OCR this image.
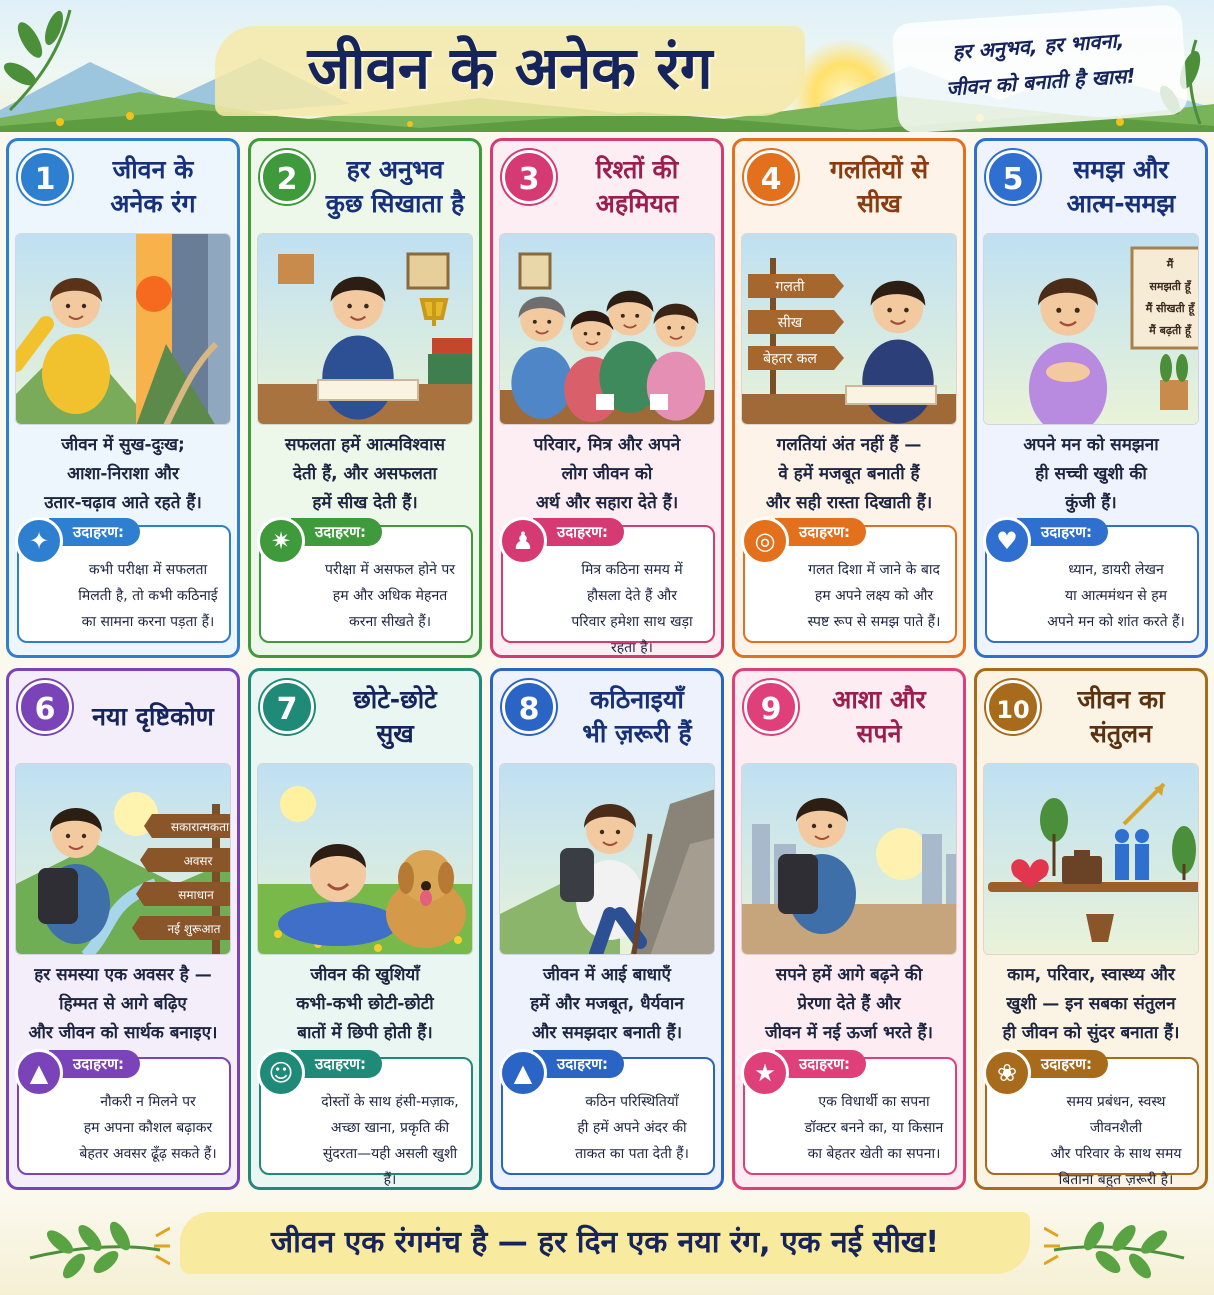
जीवन के अनेक रंग	हर अनुभव, हर भावना,
जीवन को बनाती है खास!
1	जीवन के
अनेक रंग
जीवन में सुख-दुःख;
आशा-निराशा और
उतार-चढ़ाव आते रहते हैं।
उदाहरण:
✦
कभी परीक्षा में सफलता
मिलती है, तो कभी कठिनाई
का सामना करना पड़ता हैं।
2	हर अनुभव
कुछ सिखाता है
सफलता हमें आत्मविश्वास
देती हैं, और असफलता
हमें सीख देती हैं।
उदाहरण:
✷
परीक्षा में असफल होने पर
हम और अधिक मेहनत
करना सीखते हैं।
3	रिश्तों की
अहमियत
परिवार, मित्र और अपने
लोग जीवन को
अर्थ और सहारा देते हैं।
उदाहरण:
♟
मित्र कठिना समय में
हौसला देते हैं और
परिवार हमेशा साथ खड़ा रहता है।
4	गलतियों से
सीख
गलती
सीख
बेहतर कल
गलतियां अंत नहीं हैं —
वे हमें मजबूत बनाती हैं
और सही रास्ता दिखाती हैं।
उदाहरण:
◎
गलत दिशा में जाने के बाद
हम अपने लक्ष्य को और
स्पष्ट रूप से समझ पाते हैं।
5	समझ और
आत्म-समझ
मैं
समझती हूँ
मैं सीखती हूँ
मैं बढ़ती हूँ
अपने मन को समझना
ही सच्ची खुशी की
कुंजी हैं।
उदाहरण:
♥
ध्यान, डायरी लेखन
या आत्ममंथन से हम
अपने मन को शांत करते हैं।
6	नया दृष्टिकोण
सकारात्मकता
अवसर
समाधान
नई शुरूआत
हर समस्या एक अवसर है —
हिम्मत से आगे बढ़िए
और जीवन को सार्थक बनाइए।
उदाहरण:
▲
नौकरी न मिलने पर
हम अपना कौशल बढ़ाकर
बेहतर अवसर ढूँढ़ सकते हैं।
7	छोटे-छोटे
सुख
जीवन की खुशियाँ
कभी-कभी छोटी-छोटी
बातों में छिपी होती हैं।
उदाहरण:
☺
दोस्तों के साथ हंसी-मज़ाक,
अच्छा खाना, प्रकृति की
सुंदरता—यही असली खुशी हैं।
8	कठिनाइयाँ
भी ज़रूरी हैं
जीवन में आई बाधाएँ
हमें और मजबूत, धैर्यवान
और समझदार बनाती हैं।
उदाहरण:
▲
कठिन परिस्थितियाँ
ही हमें अपने अंदर की
ताकत का पता देती हैं।
9	आशा और
सपने
सपने हमें आगे बढ़ने की
प्रेरणा देते हैं और
जीवन में नई ऊर्जा भरते हैं।
उदाहरण:
★
एक विधार्थी का सपना
डॉक्टर बनने का, या किसान
का बेहतर खेती का सपना।
10	जीवन का
संतुलन
काम, परिवार, स्वास्थ्य और
खुशी — इन सबका संतुलन
ही जीवन को सुंदर बनाता हैं।
उदाहरण:
❀
समय प्रबंधन, स्वस्थ जीवनशैली
और परिवार के साथ समय
बिताना बहुत ज़रूरी है।
जीवन एक रंगमंच है — हर दिन एक नया रंग, एक नई सीख!
